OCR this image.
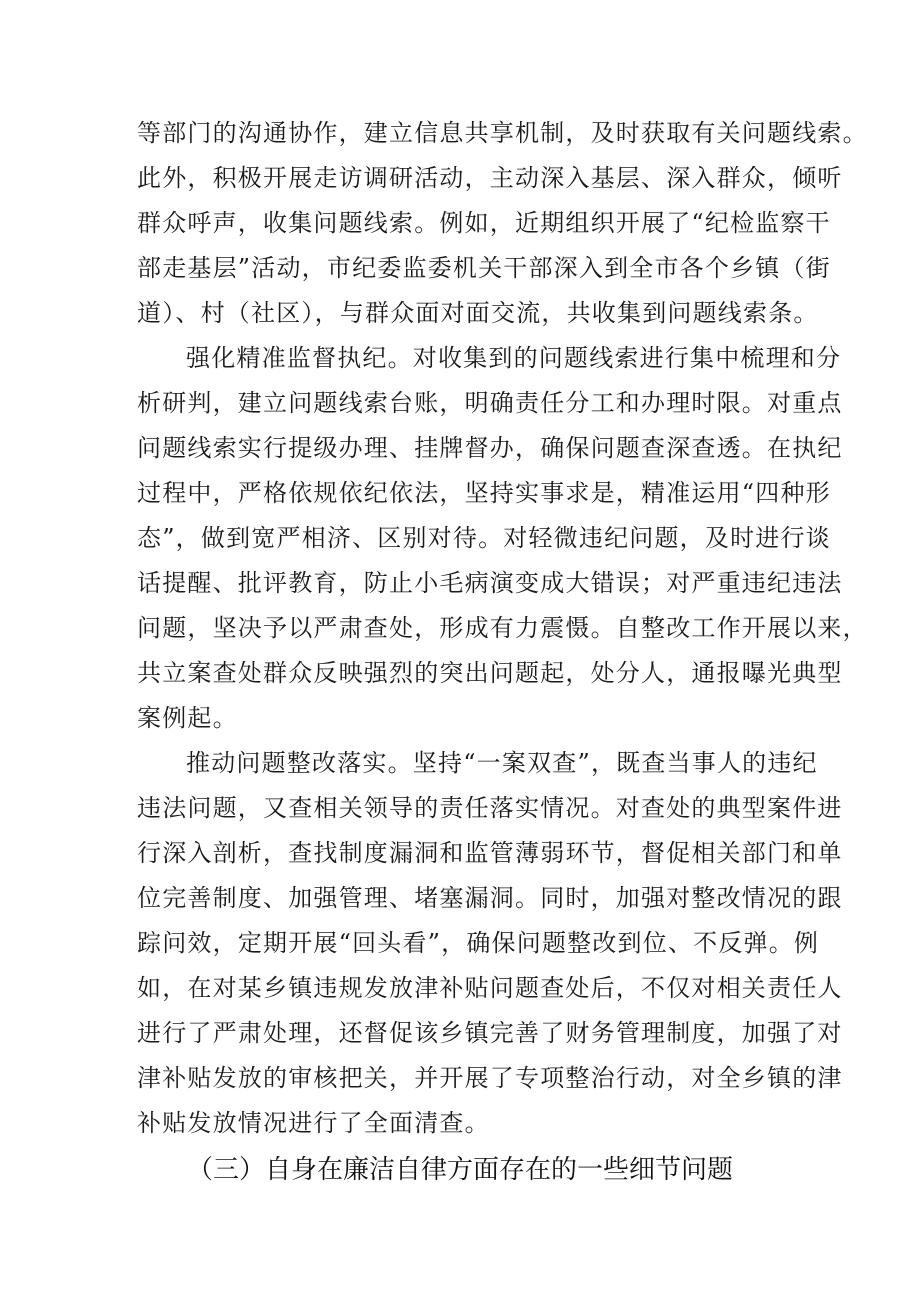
等部门的沟通协作，建立信息共享机制，及时获取有关问题线索。
此外，积极开展走访调研活动，主动深入基层、深入群众，倾听
群众呼声，收集问题线索。例如，近期组织开展了“纪检监察干
部走基层”活动，市纪委监委机关干部深入到全市各个乡镇（街
道）、村（社区），与群众面对面交流，共收集到问题线索条。
强化精准监督执纪。对收集到的问题线索进行集中梳理和分
析研判，建立问题线索台账，明确责任分工和办理时限。对重点
问题线索实行提级办理、挂牌督办，确保问题查深查透。在执纪
过程中，严格依规依纪依法，坚持实事求是，精准运用“四种形
态”，做到宽严相济、区别对待。对轻微违纪问题，及时进行谈
话提醒、批评教育，防止小毛病演变成大错误；对严重违纪违法
问题，坚决予以严肃查处，形成有力震慑。自整改工作开展以来，
共立案查处群众反映强烈的突出问题起，处分人，通报曝光典型
案例起。
推动问题整改落实。坚持“一案双查”，既查当事人的违纪
违法问题，又查相关领导的责任落实情况。对查处的典型案件进
行深入剖析，查找制度漏洞和监管薄弱环节，督促相关部门和单
位完善制度、加强管理、堵塞漏洞。同时，加强对整改情况的跟
踪问效，定期开展“回头看”，确保问题整改到位、不反弹。例
如，在对某乡镇违规发放津补贴问题查处后，不仅对相关责任人
进行了严肃处理，还督促该乡镇完善了财务管理制度，加强了对
津补贴发放的审核把关，并开展了专项整治行动，对全乡镇的津
补贴发放情况进行了全面清查。
（三）自身在廉洁自律方面存在的一些细节问题
